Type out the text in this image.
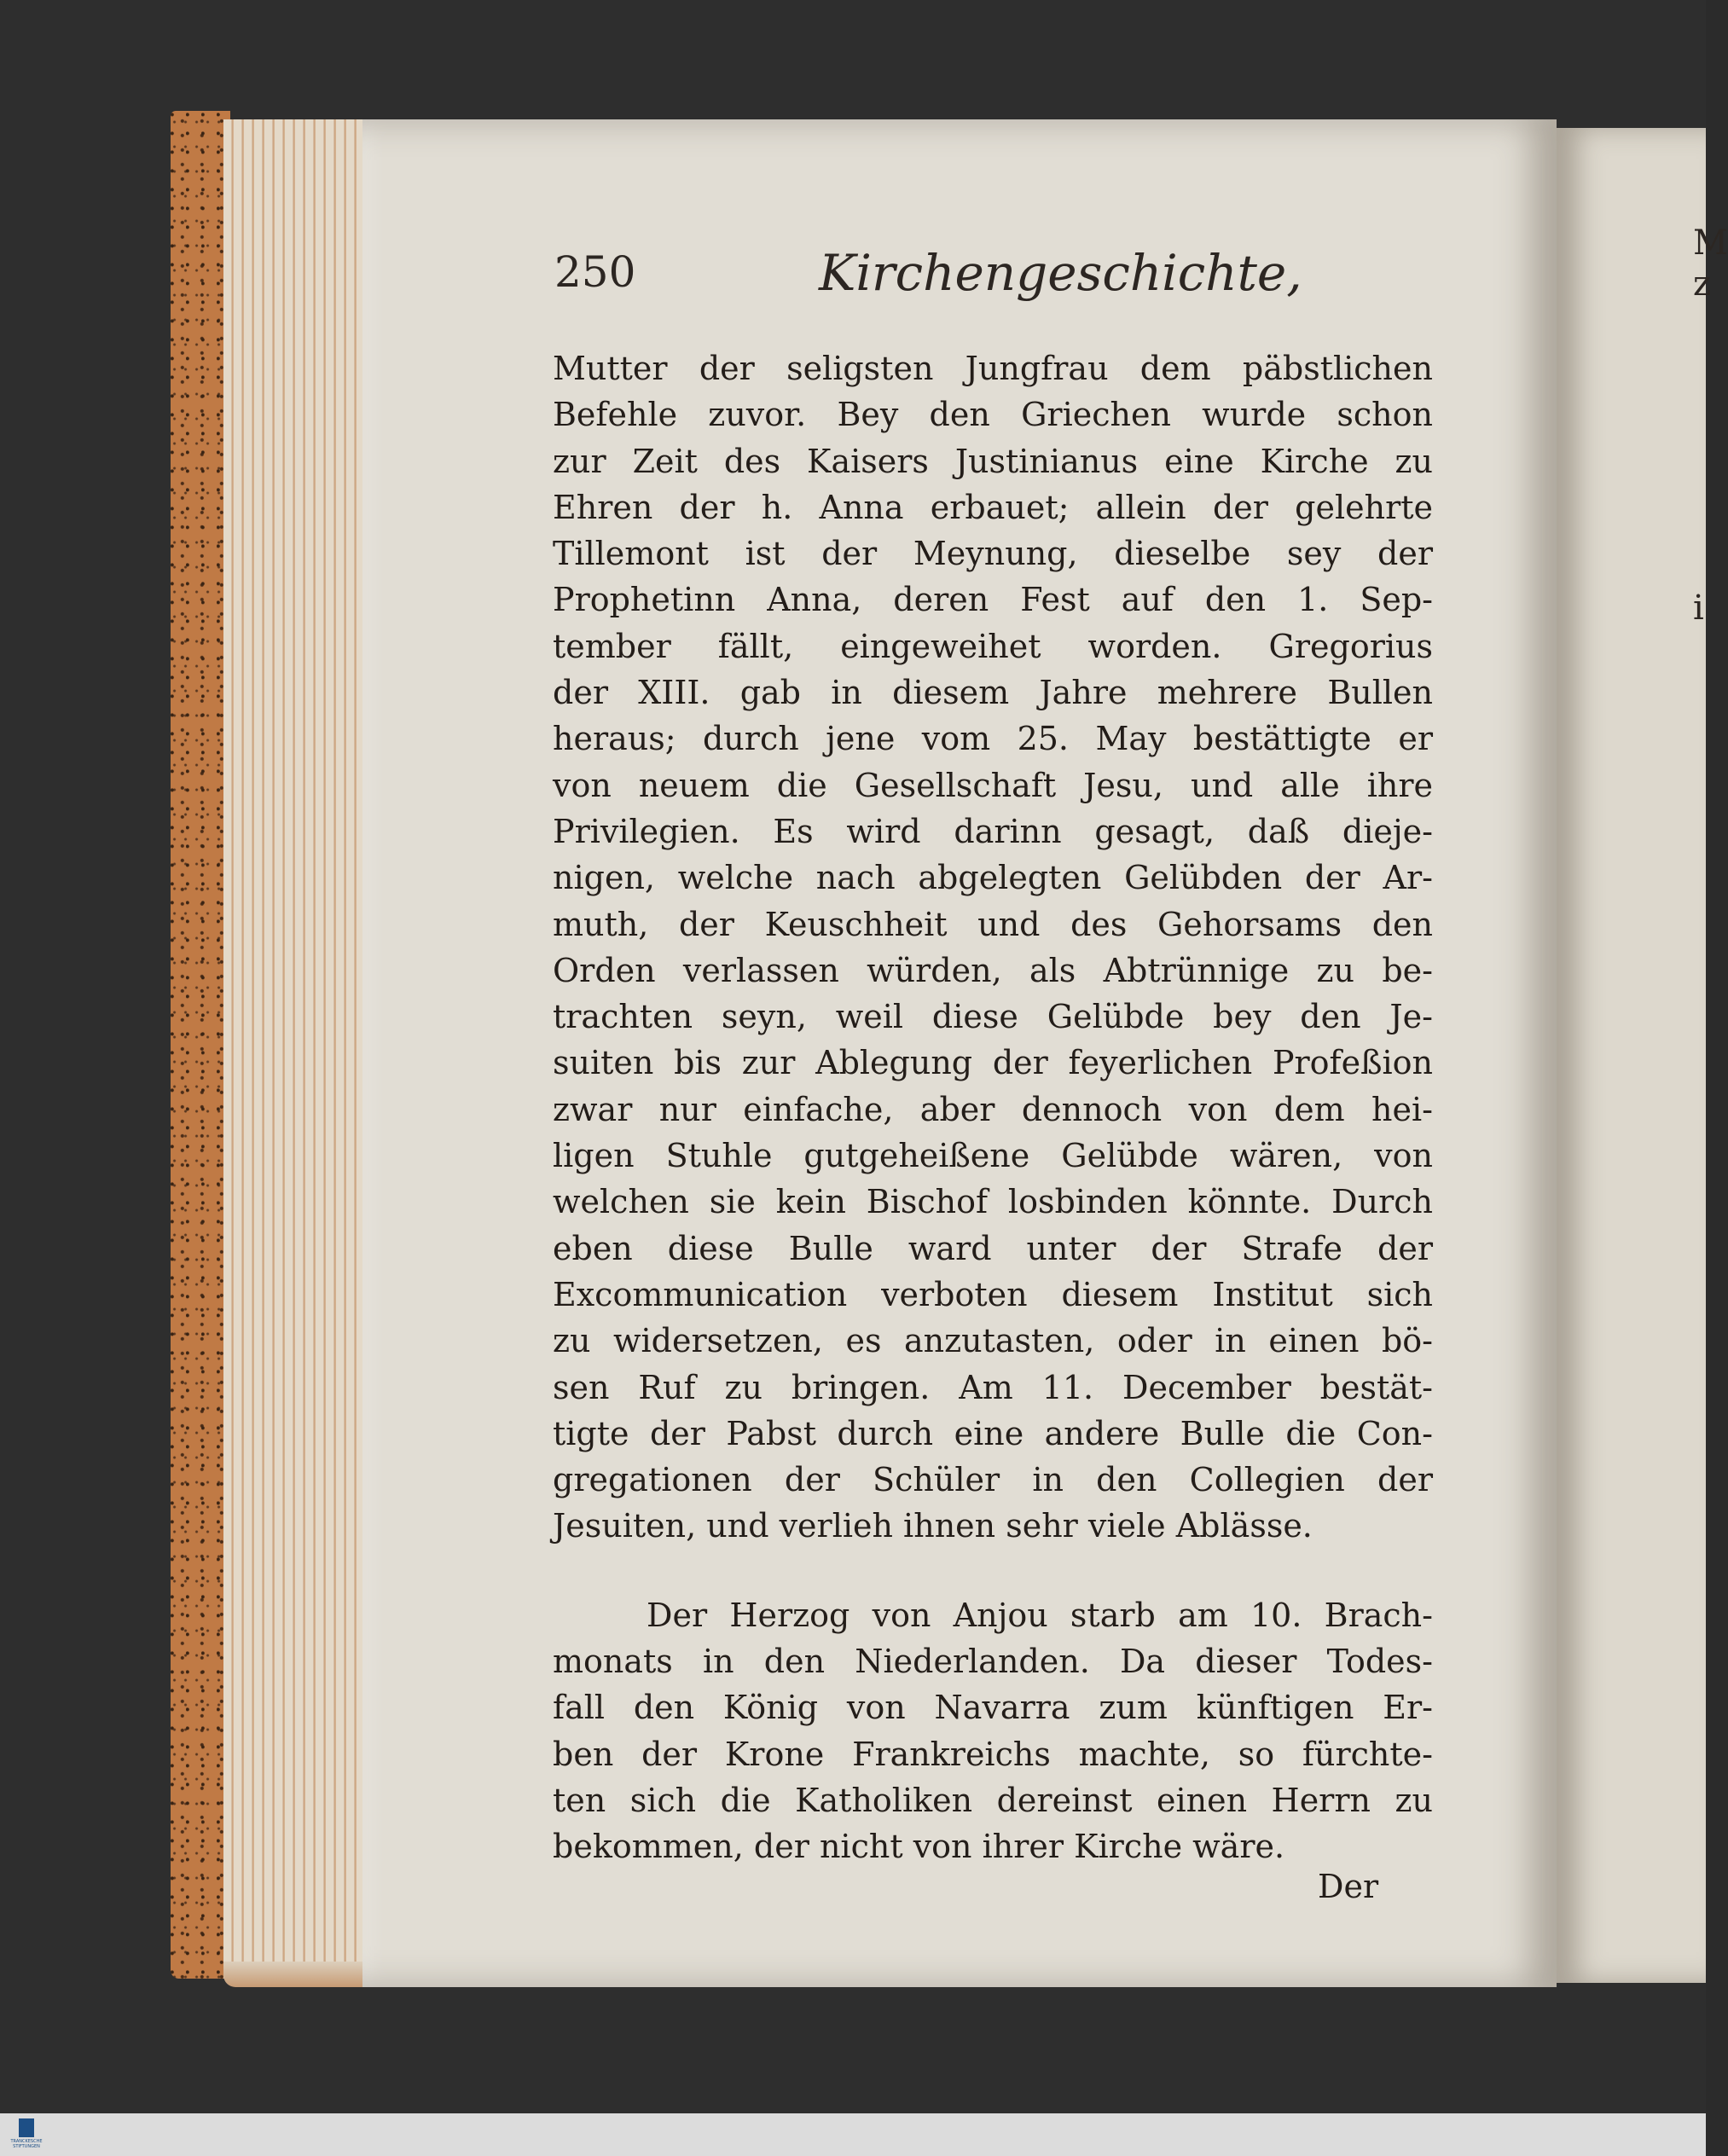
250	Kirchengeschichte,
Mutter der seligsten Jungfrau dem päbstlichen
Befehle zuvor. Bey den Griechen wurde schon
zur Zeit des Kaisers Justinianus eine Kirche zu
Ehren der h. Anna erbauet; allein der gelehrte
Tillemont ist der Meynung, dieselbe sey der
Prophetinn Anna, deren Fest auf den 1. Sep-
tember fällt, eingeweihet worden. Gregorius
der XIII. gab in diesem Jahre mehrere Bullen
heraus; durch jene vom 25. May bestättigte er
von neuem die Gesellschaft Jesu, und alle ihre
Privilegien. Es wird darinn gesagt, daß dieje-
nigen, welche nach abgelegten Gelübden der Ar-
muth, der Keuschheit und des Gehorsams den
Orden verlassen würden, als Abtrünnige zu be-
trachten seyn, weil diese Gelübde bey den Je-
suiten bis zur Ablegung der feyerlichen Profeßion
zwar nur einfache, aber dennoch von dem hei-
ligen Stuhle gutgeheißene Gelübde wären, von
welchen sie kein Bischof losbinden könnte. Durch
eben diese Bulle ward unter der Strafe der
Excommunication verboten diesem Institut sich
zu widersetzen, es anzutasten, oder in einen bö-
sen Ruf zu bringen. Am 11. December bestät-
tigte der Pabst durch eine andere Bulle die Con-
gregationen der Schüler in den Collegien der
Jesuiten, und verlieh ihnen sehr viele Ablässe.
Der Herzog von Anjou starb am 10. Brach-
monats in den Niederlanden. Da dieser Todes-
fall den König von Navarra zum künftigen Er-
ben der Krone Frankreichs machte, so fürchte-
ten sich die Katholiken dereinst einen Herrn zu
bekommen, der nicht von ihrer Kirche wäre.
Der
TRANCKESCHE STIFTUNGEN
M
z
i
